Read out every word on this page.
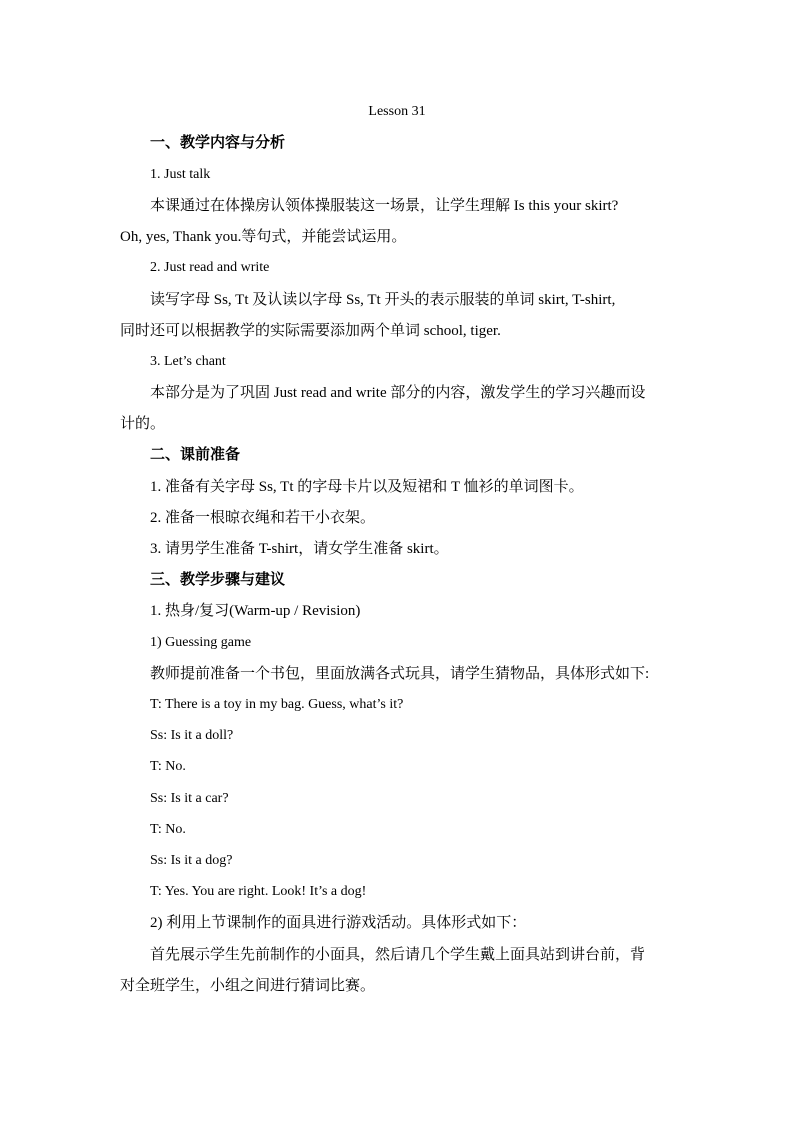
Lesson 31
一、教学内容与分析
1. Just talk
本课通过在体操房认领体操服装这一场景，让学生理解 Is this your skirt?
Oh, yes, Thank you.等句式，并能尝试运用。
2. Just read and write
读写字母 Ss, Tt 及认读以字母 Ss, Tt 开头的表示服装的单词 skirt, T-shirt,
同时还可以根据教学的实际需要添加两个单词 school, tiger.
3. Let’s chant
本部分是为了巩固 Just read and write 部分的内容，激发学生的学习兴趣而设
计的。
二、课前准备
1. 准备有关字母 Ss, Tt 的字母卡片以及短裙和 T 恤衫的单词图卡。
2. 准备一根晾衣绳和若干小衣架。
3. 请男学生准备 T-shirt，请女学生准备 skirt。
三、教学步骤与建议
1. 热身/复习(Warm-up / Revision)
1) Guessing game
教师提前准备一个书包，里面放满各式玩具，请学生猜物品，具体形式如下:
T: There is a toy in my bag. Guess, what’s it?
Ss: Is it a doll?
T: No.
Ss: Is it a car?
T: No.
Ss: Is it a dog?
T: Yes. You are right. Look! It’s a dog!
2) 利用上节课制作的面具进行游戏活动。具体形式如下：
首先展示学生先前制作的小面具，然后请几个学生戴上面具站到讲台前，背
对全班学生，小组之间进行猜词比赛。
